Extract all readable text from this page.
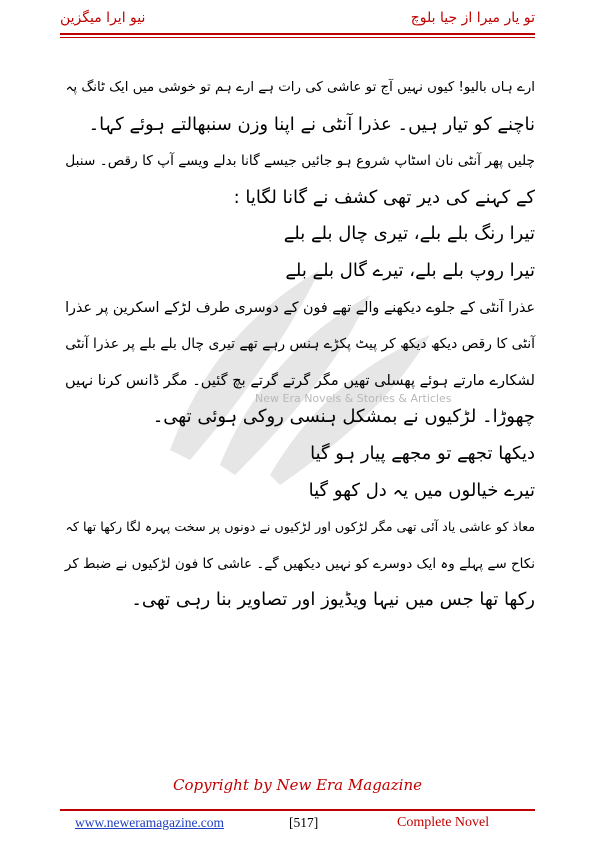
نیو ایرا میگزین	تو یار میرا از جیا بلوچ
New Era Novels & Stories & Articles
ارے ہاں بالیو! کیوں نہیں آج تو عاشی کی رات ہے ارے ہم تو خوشی میں ایک ٹانگ پہ
ناچنے کو تیار ہیں۔ عذرا آنٹی نے اپنا وزن سنبھالتے ہوئے کہا۔
چلیں پھر آنٹی نان اسٹاپ شروع ہو جائیں جیسے گانا بدلے ویسے آپ کا رقص۔ سنبل
کے کہنے کی دیر تھی کشف نے گانا لگایا :
تیرا رنگ بلے بلے، تیری چال بلے بلے
تیرا روپ بلے بلے، تیرے گال بلے بلے
عذرا آنٹی کے جلوے دیکھنے والے تھے فون کے دوسری طرف لڑکے اسکرین پر عذرا
آنٹی کا رقص دیکھ دیکھ کر پیٹ پکڑے ہنس رہے تھے تیری چال بلے بلے پر عذرا آنٹی
لشکارے مارتے ہوئے پھسلی تھیں مگر گرتے گرتے بچ گئیں۔ مگر ڈانس کرنا نہیں
چھوڑا۔ لڑکیوں نے بمشکل ہنسی روکی ہوئی تھی۔
دیکھا تجھے تو مجھے پیار ہو گیا
تیرے خیالوں میں یہ دل کھو گیا
معاذ کو عاشی یاد آئی تھی مگر لڑکوں اور لڑکیوں نے دونوں پر سخت پہرہ لگا رکھا تھا کہ
نکاح سے پہلے وہ ایک دوسرے کو نہیں دیکھیں گے۔ عاشی کا فون لڑکیوں نے ضبط کر
رکھا تھا جس میں نیہا ویڈیوز اور تصاویر بنا رہی تھی۔
Copyright by New Era Magazine
www.neweramagazine.com	[517]	Complete Novel
